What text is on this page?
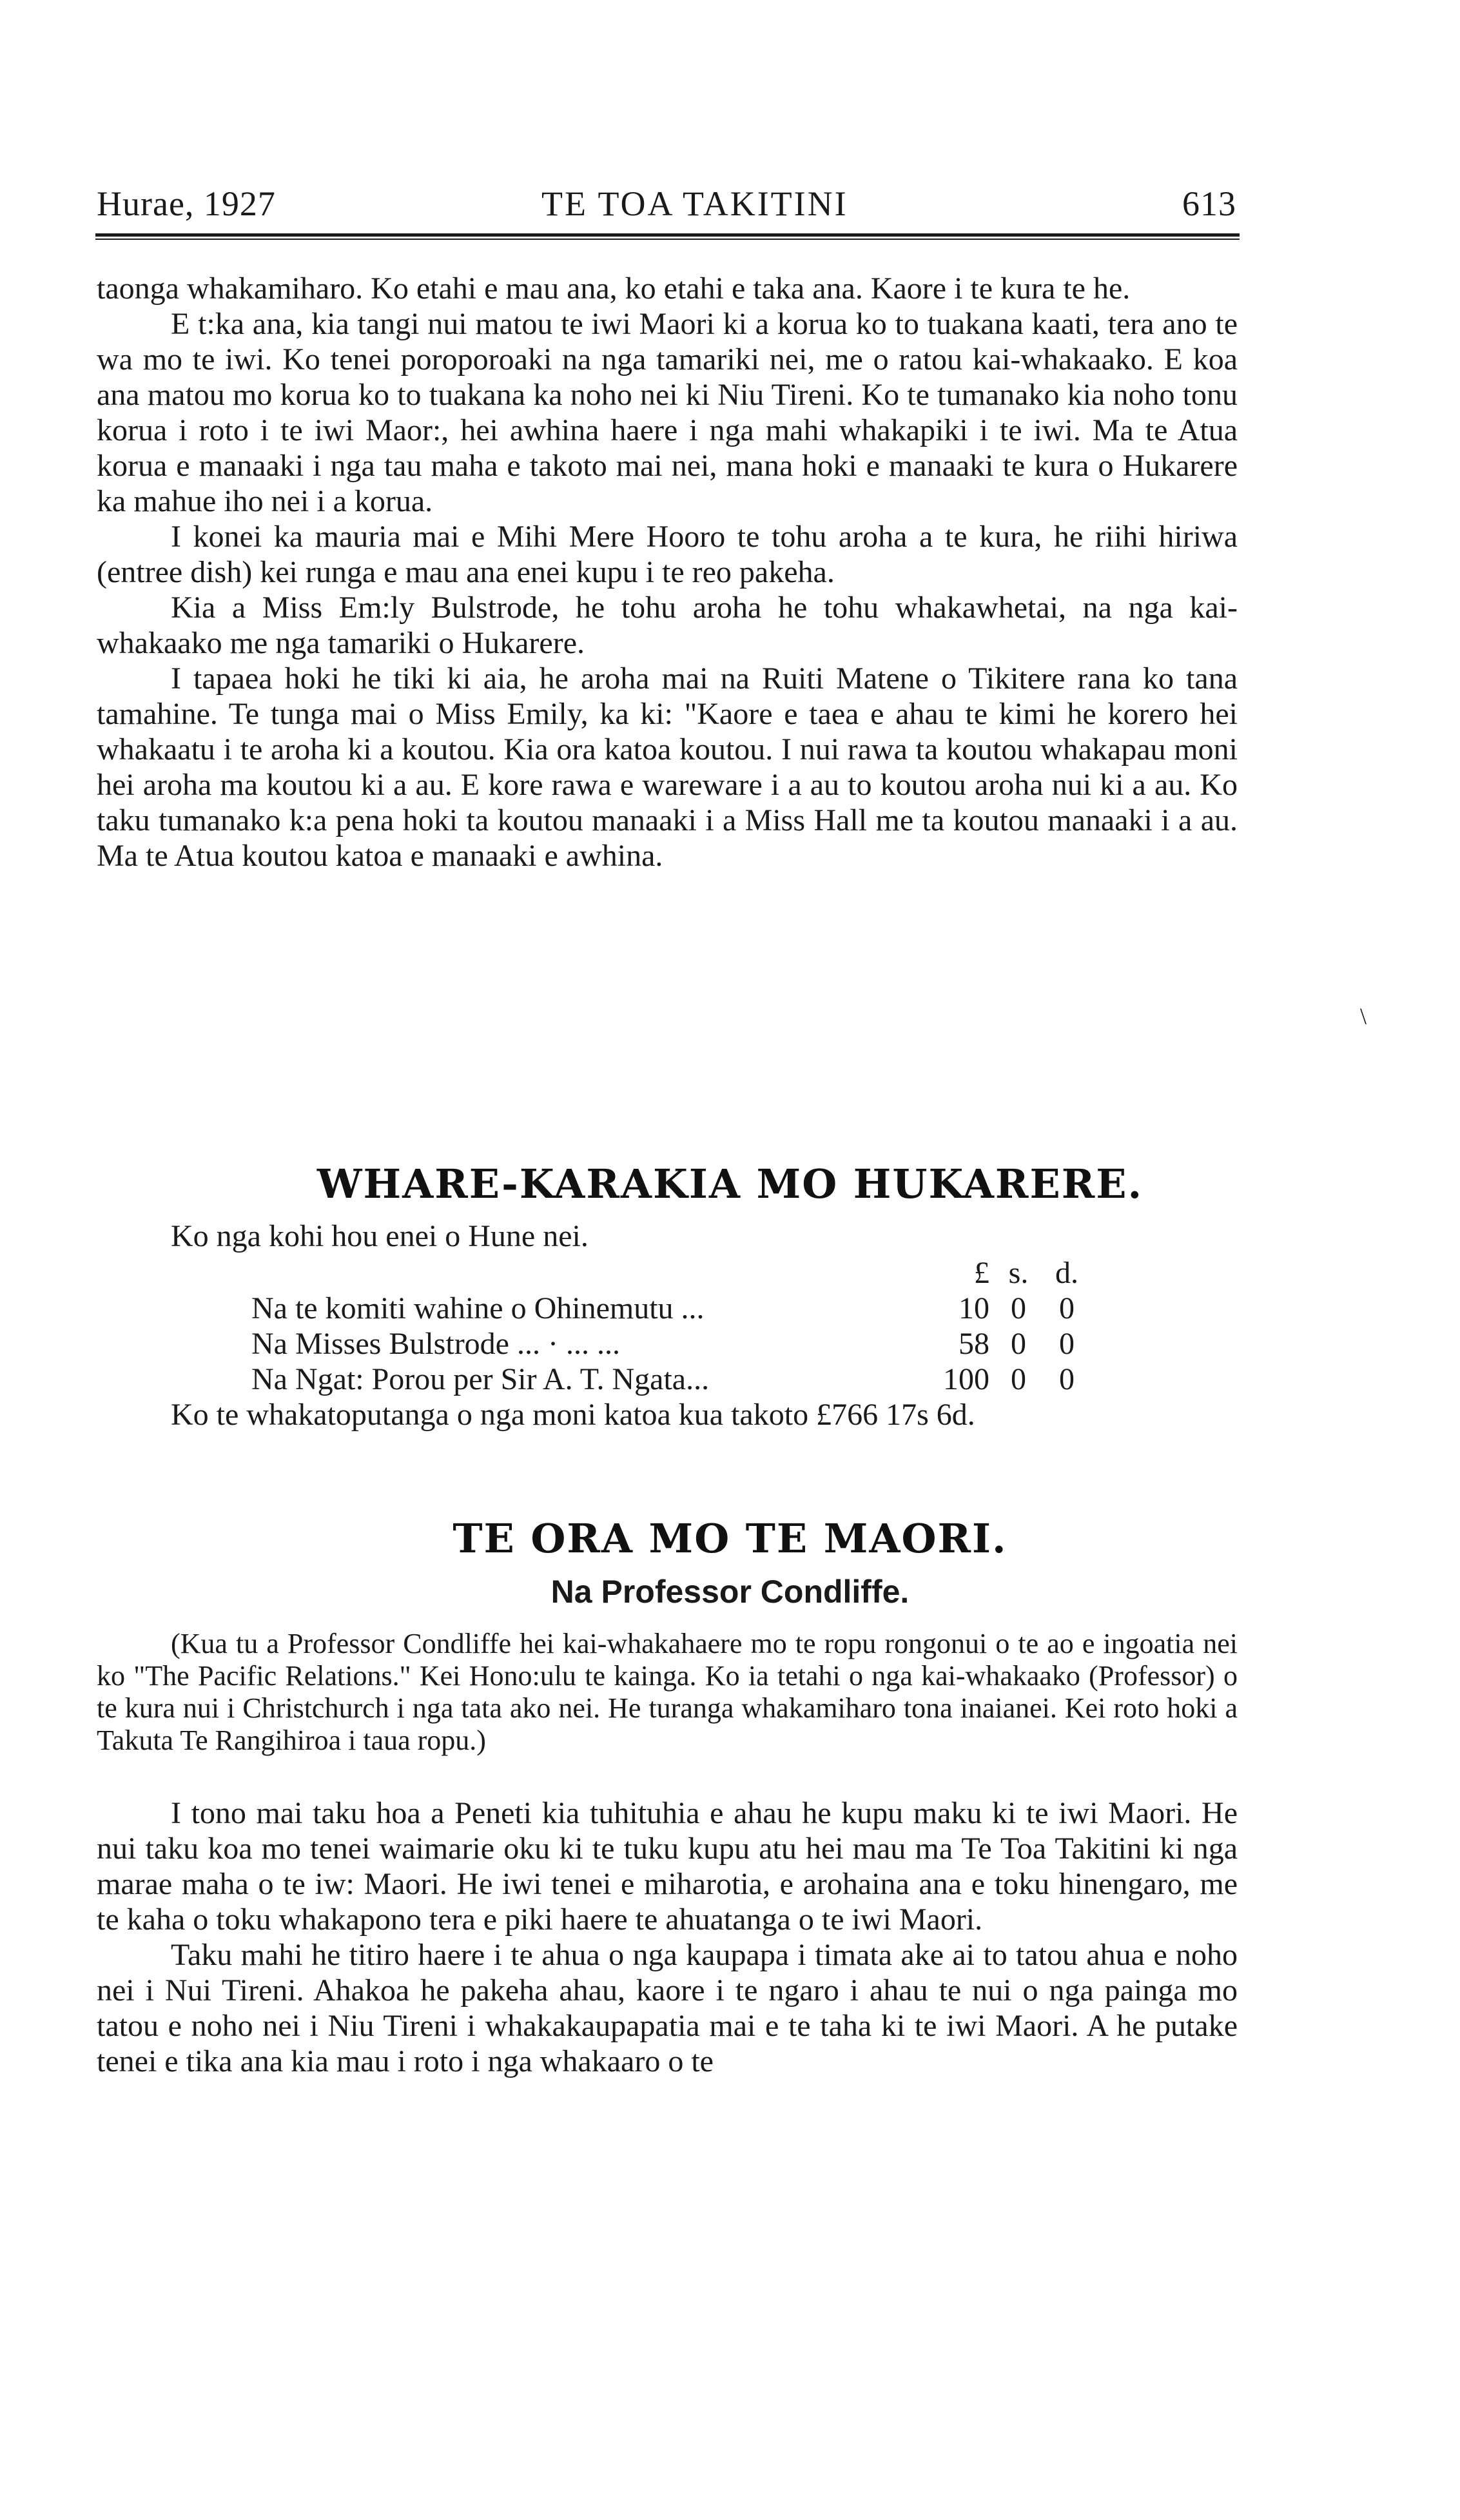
Hurae, 1927	TE TOA TAKITINI	613

taonga whakamiharo. Ko etahi e mau ana, ko etahi e taka ana. Kaore i te kura te he.

E t:ka ana, kia tangi nui matou te iwi Maori ki a korua ko to tuakana kaati, tera ano te wa mo te iwi. Ko tenei poroporoaki na nga tamariki nei, me o ratou kai-whakaako. E koa ana matou mo korua ko to tuakana ka noho nei ki Niu Tireni. Ko te tumanako kia noho tonu korua i roto i te iwi Maor:, hei awhina haere i nga mahi whakapiki i te iwi. Ma te Atua korua e manaaki i nga tau maha e takoto mai nei, mana hoki e manaaki te kura o Hukarere ka mahue iho nei i a korua.

I konei ka mauria mai e Mihi Mere Hooro te tohu aroha a te kura, he riihi hiriwa (entree dish) kei runga e mau ana enei kupu i te reo pakeha.

Kia a Miss Em:ly Bulstrode, he tohu aroha he tohu whakawhetai, na nga kai-whakaako me nga tamariki o Hukarere.

I tapaea hoki he tiki ki aia, he aroha mai na Ruiti Matene o Tikitere rana ko tana tamahine. Te tunga mai o Miss Emily, ka ki: "Kaore e taea e ahau te kimi he korero hei whakaatu i te aroha ki a koutou. Kia ora katoa koutou. I nui rawa ta koutou whakapau moni hei aroha ma koutou ki a au. E kore rawa e wareware i a au to koutou aroha nui ki a au. Ko taku tumanako k:a pena hoki ta koutou manaaki i a Miss Hall me ta koutou manaaki i a au. Ma te Atua koutou katoa e manaaki e awhina.

\
WHARE-KARAKIA MO HUKARERE.

Ko nga kohi hou enei o Hune nei.

£ s. d.
Na te komiti wahine o Ohinemutu ...	10 0 0
Na Misses Bulstrode ... · ... ...	58 0 0
Na Ngat: Porou per Sir A. T. Ngata...	100 0 0

Ko te whakatoputanga o nga moni katoa kua takoto £766 17s 6d.

TE ORA MO TE MAORI.
Na Professor Condliffe.

(Kua tu a Professor Condliffe hei kai-whakahaere mo te ropu rongonui o te ao e ingoatia nei ko "The Pacific Relations." Kei Hono:ulu te kainga. Ko ia tetahi o nga kai-whakaako (Professor) o te kura nui i Christchurch i nga tata ako nei. He turanga whakamiharo tona inaianei. Kei roto hoki a Takuta Te Rangihiroa i taua ropu.)

I tono mai taku hoa a Peneti kia tuhituhia e ahau he kupu maku ki te iwi Maori. He nui taku koa mo tenei waimarie oku ki te tuku kupu atu hei mau ma Te Toa Takitini ki nga marae maha o te iw: Maori. He iwi tenei e miharotia, e arohaina ana e toku hinengaro, me te kaha o toku whakapono tera e piki haere te ahuatanga o te iwi Maori.

Taku mahi he titiro haere i te ahua o nga kaupapa i timata ake ai to tatou ahua e noho nei i Nui Tireni. Ahakoa he pakeha ahau, kaore i te ngaro i ahau te nui o nga painga mo tatou e noho nei i Niu Tireni i whakakaupapatia mai e te taha ki te iwi Maori. A he putake tenei e tika ana kia mau i roto i nga whakaaro o te
